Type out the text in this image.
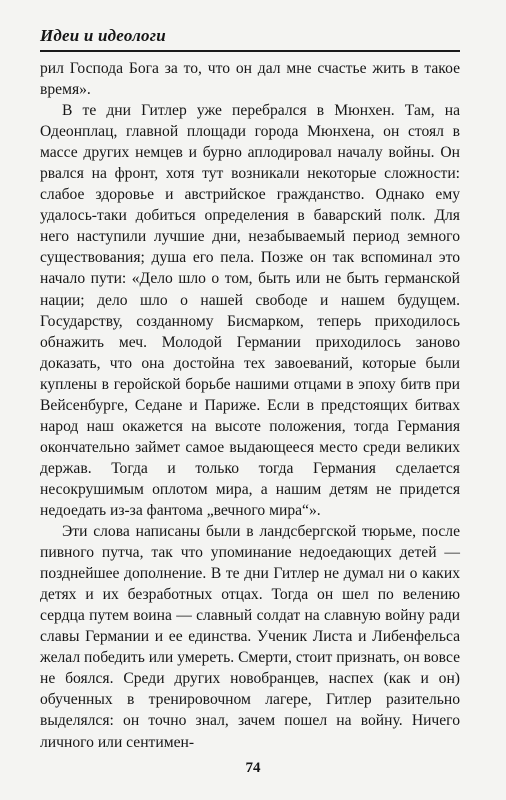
Идеи и идеологи

рил Господа Бога за то, что он дал мне счастье жить в такое время».

В те дни Гитлер уже перебрался в Мюнхен. Там, на Одеонплац, главной площади города Мюнхена, он стоял в массе других немцев и бурно аплодировал началу войны. Он рвался на фронт, хотя тут возникали некоторые сложности: слабое здоровье и австрийское гражданство. Однако ему удалось-таки добиться определения в баварский полк. Для него наступили лучшие дни, незабываемый период земного существования; душа его пела. Позже он так вспоминал это начало пути: «Дело шло о том, быть или не быть германской нации; дело шло о нашей свободе и нашем будущем. Государству, созданному Бисмарком, теперь приходилось обнажить меч. Молодой Германии приходилось заново доказать, что она достойна тех завоеваний, которые были куплены в геройской борьбе нашими отцами в эпоху битв при Вейсенбурге, Седане и Париже. Если в предстоящих битвах народ наш окажется на высоте положения, тогда Германия окончательно займет самое выдающееся место среди великих держав. Тогда и только тогда Германия сделается несокрушимым оплотом мира, а нашим детям не придется недоедать из-за фантома „вечного мира“».

Эти слова написаны были в ландсбергской тюрьме, после пивного путча, так что упоминание недоедающих детей — позднейшее дополнение. В те дни Гитлер не думал ни о каких детях и их безработных отцах. Тогда он шел по велению сердца путем воина — славный солдат на славную войну ради славы Германии и ее единства. Ученик Листа и Либенфельса желал победить или умереть. Смерти, стоит признать, он вовсе не боялся. Среди других новобранцев, наспех (как и он) обученных в тренировочном лагере, Гитлер разительно выделялся: он точно знал, зачем пошел на войну. Ничего личного или сентимен-

74
